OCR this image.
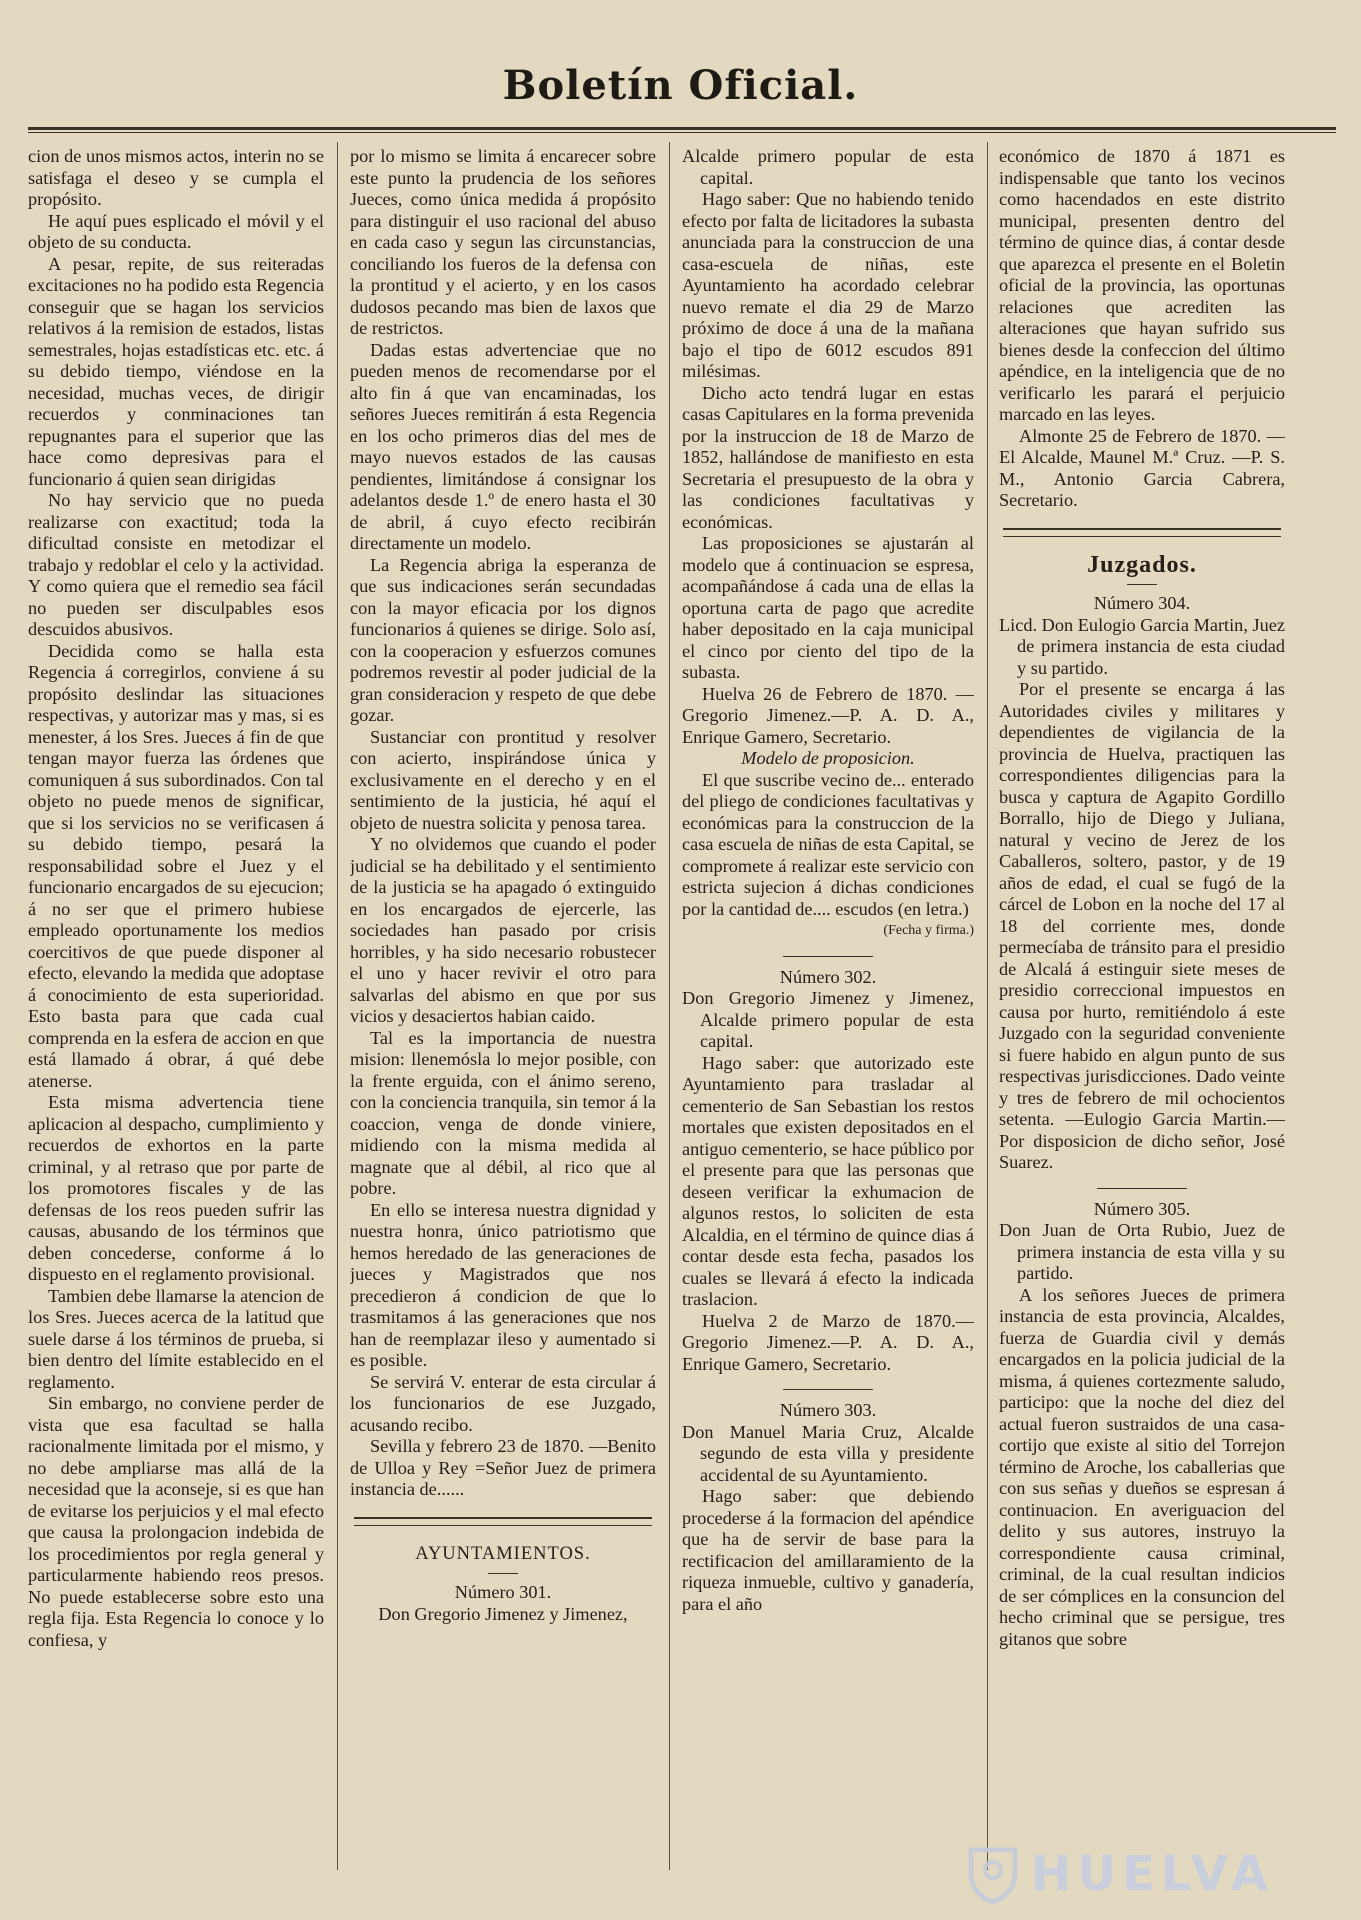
Boletín Oficial.

cion de unos mismos actos, interin no se satisfaga el deseo y se cumpla el propósito.

He aquí pues esplicado el móvil y el objeto de su conducta.

A pesar, repite, de sus reiteradas excitaciones no ha podido esta Regencia conseguir que se hagan los servicios relativos á la remision de estados, listas semestrales, hojas estadísticas etc. etc. á su debido tiempo, viéndose en la necesidad, muchas veces, de dirigir recuerdos y conminaciones tan repugnantes para el superior que las hace como depresivas para el funcionario á quien sean dirigidas

No hay servicio que no pueda realizarse con exactitud; toda la dificultad consiste en metodizar el trabajo y redoblar el celo y la actividad. Y como quiera que el remedio sea fácil no pueden ser disculpables esos descuidos abusivos.

Decidida como se halla esta Regencia á corregirlos, conviene á su propósito deslindar las situaciones respectivas, y autorizar mas y mas, si es menester, á los Sres. Jueces á fin de que tengan mayor fuerza las órdenes que comuniquen á sus subordinados. Con tal objeto no puede menos de significar, que si los servicios no se verificasen á su debido tiempo, pesará la responsabilidad sobre el Juez y el funcionario encargados de su ejecucion; á no ser que el primero hubiese empleado oportunamente los medios coercitivos de que puede disponer al efecto, elevando la medida que adoptase á conocimiento de esta superioridad. Esto basta para que cada cual comprenda en la esfera de accion en que está llamado á obrar, á qué debe atenerse.

Esta misma advertencia tiene aplicacion al despacho, cumplimiento y recuerdos de exhortos en la parte criminal, y al retraso que por parte de los promotores fiscales y de las defensas de los reos pueden sufrir las causas, abusando de los términos que deben concederse, conforme á lo dispuesto en el reglamento provisional.

Tambien debe llamarse la atencion de los Sres. Jueces acerca de la latitud que suele darse á los términos de prueba, si bien dentro del límite establecido en el reglamento.

Sin embargo, no conviene perder de vista que esa facultad se halla racionalmente limitada por el mismo, y no debe ampliarse mas allá de la necesidad que la aconseje, si es que han de evitarse los perjuicios y el mal efecto que causa la prolongacion indebida de los procedimientos por regla general y particularmente habiendo reos presos. No puede establecerse sobre esto una regla fija. Esta Regencia lo conoce y lo confiesa, y

por lo mismo se limita á encarecer sobre este punto la prudencia de los señores Jueces, como única medida á propósito para distinguir el uso racional del abuso en cada caso y segun las circunstancias, conciliando los fueros de la defensa con la prontitud y el acierto, y en los casos dudosos pecando mas bien de laxos que de restrictos.

Dadas estas advertenciae que no pueden menos de recomendarse por el alto fin á que van encaminadas, los señores Jueces remitirán á esta Regencia en los ocho primeros dias del mes de mayo nuevos estados de las causas pendientes, limitándose á consignar los adelantos desde 1.º de enero hasta el 30 de abril, á cuyo efecto recibirán directamente un modelo.

La Regencia abriga la esperanza de que sus indicaciones serán secundadas con la mayor eficacia por los dignos funcionarios á quienes se dirige. Solo así, con la cooperacion y esfuerzos comunes podremos revestir al poder judicial de la gran consideracion y respeto de que debe gozar.

Sustanciar con prontitud y resolver con acierto, inspirándose única y exclusivamente en el derecho y en el sentimiento de la justicia, hé aquí el objeto de nuestra solicita y penosa tarea.

Y no olvidemos que cuando el poder judicial se ha debilitado y el sentimiento de la justicia se ha apagado ó extinguido en los encargados de ejercerle, las sociedades han pasado por crisis horribles, y ha sido necesario robustecer el uno y hacer revivir el otro para salvarlas del abismo en que por sus vicios y desaciertos habian caido.

Tal es la importancia de nuestra mision: llenemósla lo mejor posible, con la frente erguida, con el ánimo sereno, con la conciencia tranquila, sin temor á la coaccion, venga de donde viniere, midiendo con la misma medida al magnate que al débil, al rico que al pobre.

En ello se interesa nuestra dignidad y nuestra honra, único patriotismo que hemos heredado de las generaciones de jueces y Magistrados que nos precedieron á condicion de que lo trasmitamos á las generaciones que nos han de reemplazar ileso y aumentado si es posible.

Se servirá V. enterar de esta circular á los funcionarios de ese Juzgado, acusando recibo.

Sevilla y febrero 23 de 1870. —Benito de Ulloa y Rey =Señor Juez de primera instancia de......

AYUNTAMIENTOS.

Número 301.

Don Gregorio Jimenez y Jimenez,

Alcalde primero popular de esta capital.

Hago saber: Que no habiendo tenido efecto por falta de licitadores la subasta anunciada para la construccion de una casa-escuela de niñas, este Ayuntamiento ha acordado celebrar nuevo remate el dia 29 de Marzo próximo de doce á una de la mañana bajo el tipo de 6012 escudos 891 milésimas.

Dicho acto tendrá lugar en estas casas Capitulares en la forma prevenida por la instruccion de 18 de Marzo de 1852, hallándose de manifiesto en esta Secretaria el presupuesto de la obra y las condiciones facultativas y económicas.

Las proposiciones se ajustarán al modelo que á continuacion se espresa, acompañándose á cada una de ellas la oportuna carta de pago que acredite haber depositado en la caja municipal el cinco por ciento del tipo de la subasta.

Huelva 26 de Febrero de 1870. —Gregorio Jimenez.—P. A. D. A., Enrique Gamero, Secretario.

Modelo de proposicion.

El que suscribe vecino de... enterado del pliego de condiciones facultativas y económicas para la construccion de la casa escuela de niñas de esta Capital, se compromete á realizar este servicio con estricta sujecion á dichas condiciones por la cantidad de.... escudos (en letra.)

(Fecha y firma.)

Número 302.

Don Gregorio Jimenez y Jimenez, Alcalde primero popular de esta capital.

Hago saber: que autorizado este Ayuntamiento para trasladar al cementerio de San Sebastian los restos mortales que existen depositados en el antiguo cementerio, se hace público por el presente para que las personas que deseen verificar la exhumacion de algunos restos, lo soliciten de esta Alcaldia, en el término de quince dias á contar desde esta fecha, pasados los cuales se llevará á efecto la indicada traslacion.

Huelva 2 de Marzo de 1870.— Gregorio Jimenez.—P. A. D. A., Enrique Gamero, Secretario.

Número 303.

Don Manuel Maria Cruz, Alcalde segundo de esta villa y presidente accidental de su Ayuntamiento.

Hago saber: que debiendo procederse á la formacion del apéndice que ha de servir de base para la rectificacion del amillaramiento de la riqueza inmueble, cultivo y ganadería, para el año

económico de 1870 á 1871 es indispensable que tanto los vecinos como hacendados en este distrito municipal, presenten dentro del término de quince dias, á contar desde que aparezca el presente en el Boletin oficial de la provincia, las oportunas relaciones que acrediten las alteraciones que hayan sufrido sus bienes desde la confeccion del último apéndice, en la inteligencia que de no verificarlo les parará el perjuicio marcado en las leyes.

Almonte 25 de Febrero de 1870. —El Alcalde, Maunel M.ª Cruz. —P. S. M., Antonio Garcia Cabrera, Secretario.

Juzgados.

Número 304.

Licd. Don Eulogio Garcia Martin, Juez de primera instancia de esta ciudad y su partido.

Por el presente se encarga á las Autoridades civiles y militares y dependientes de vigilancia de la provincia de Huelva, practiquen las correspondientes diligencias para la busca y captura de Agapito Gordillo Borrallo, hijo de Diego y Juliana, natural y vecino de Jerez de los Caballeros, soltero, pastor, y de 19 años de edad, el cual se fugó de la cárcel de Lobon en la noche del 17 al 18 del corriente mes, donde permecíaba de tránsito para el presidio de Alcalá á estinguir siete meses de presidio correccional impuestos en causa por hurto, remitiéndolo á este Juzgado con la seguridad conveniente si fuere habido en algun punto de sus respectivas jurisdicciones. Dado veinte y tres de febrero de mil ochocientos setenta. —Eulogio Garcia Martin.—Por disposicion de dicho señor, José Suarez.

Número 305.

Don Juan de Orta Rubio, Juez de primera instancia de esta villa y su partido.

A los señores Jueces de primera instancia de esta provincia, Alcaldes, fuerza de Guardia civil y demás encargados en la policia judicial de la misma, á quienes cortezmente saludo, participo: que la noche del diez del actual fueron sustraidos de una casa-cortijo que existe al sitio del Torrejon término de Aroche, los caballerias que con sus señas y dueños se espresan á continuacion. En averiguacion del delito y sus autores, instruyo la correspondiente causa criminal, criminal, de la cual resultan indicios de ser cómplices en la consuncion del hecho criminal que se persigue, tres gitanos que sobre

HUELVA
